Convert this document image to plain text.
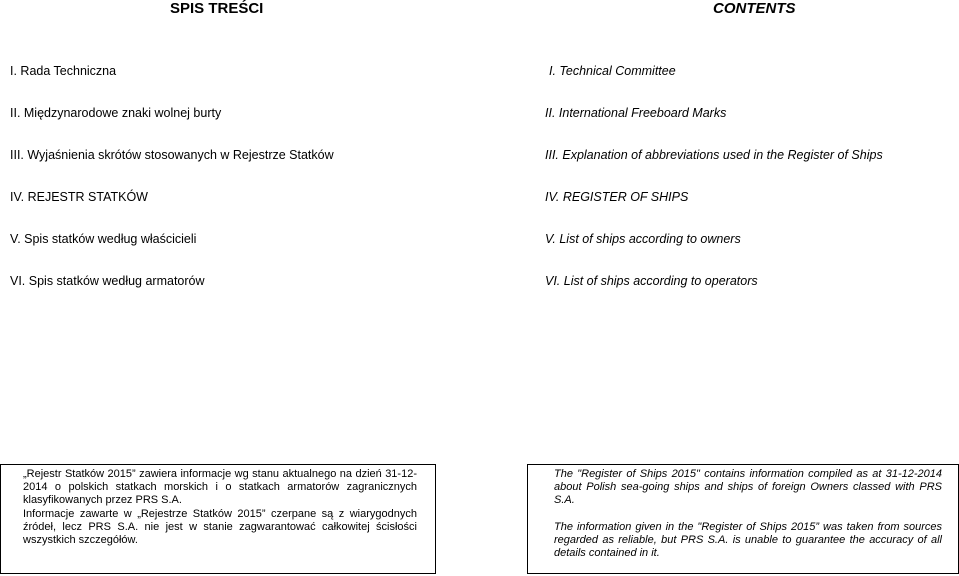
SPIS TREŚCI	CONTENTS
I. Rada Techniczna
II. Międzynarodowe znaki wolnej burty
III. Wyjaśnienia skrótów stosowanych w Rejestrze Statków
IV. REJESTR STATKÓW
V. Spis statków według właścicieli
VI. Spis statków według armatorów
I. Technical Committee
II. International Freeboard Marks
III. Explanation of abbreviations used in the Register of Ships
IV. REGISTER OF SHIPS
V. List of ships according to owners
VI. List of ships according to operators

„Rejestr Statków 2015” zawiera informacje wg stanu aktualnego na dzień 31-12-2014 o polskich statkach morskich i o statkach armatorów zagranicznych klasyfikowanych przez PRS S.A.

Informacje zawarte w „Rejestrze Statków 2015” czerpane są z wiarygodnych źródeł, lecz PRS S.A. nie jest w stanie zagwarantować całkowitej ścisłości wszystkich szczegółów.

The "Register of Ships 2015" contains information compiled as at 31-12-2014 about Polish sea-going ships and ships of foreign Owners classed with PRS S.A.

The information given in the "Register of Ships 2015” was taken from sources regarded as reliable, but PRS S.A. is unable to guarantee the accuracy of all details contained in it.
